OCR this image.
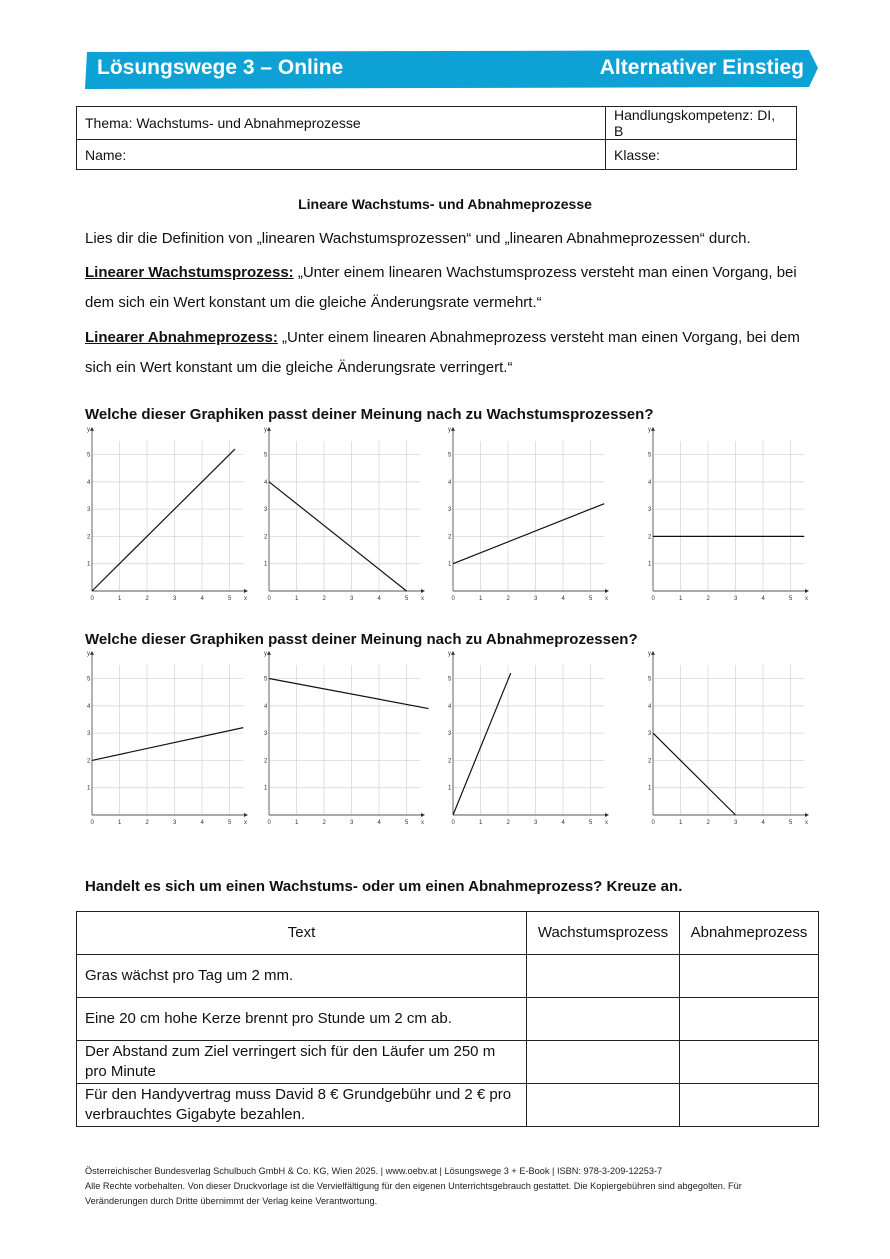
Lösungswege 3 – Online	Alternativer Einstieg
Thema: Wachstums- und Abnahmeprozesse	Handlungskompetenz: DI, B
Name:	Klasse:
Lineare Wachstums- und Abnahmeprozesse
Lies dir die Definition von „linearen Wachstumsprozessen“ und „linearen Abnahmeprozessen“ durch.
Linearer Wachstumsprozess: „Unter einem linearen Wachstumsprozess versteht man einen Vorgang, bei dem sich ein Wert konstant um die gleiche Änderungsrate vermehrt.“
Linearer Abnahmeprozess: „Unter einem linearen Abnahmeprozess versteht man einen Vorgang, bei dem sich ein Wert konstant um die gleiche Änderungsrate verringert.“
Welche dieser Graphiken passt deiner Meinung nach zu Wachstumsprozessen?
0	1	2	3	4	5
1
2
3
4
5
x
y
0	1	2	3	4	5
1
2
3
4
5
x
y
0	1	2	3	4	5
1
2
3
4
5
x
y
0	1	2	3	4	5
1
2
3
4
5
x
y
Welche dieser Graphiken passt deiner Meinung nach zu Abnahmeprozessen?
0	1	2	3	4	5
1
2
3
4
5
x
y
0	1	2	3	4	5
1
2
3
4
5
x
y
0	1	2	3	4	5
1
2
3
4
5
x
y
0	1	2	3	4	5
1
2
3
4
5
x
y
Handelt es sich um einen Wachstums- oder um einen Abnahmeprozess? Kreuze an.
Text	Wachstumsprozess	Abnahmeprozess
Gras wächst pro Tag um 2 mm.		
Eine 20 cm hohe Kerze brennt pro Stunde um 2 cm ab.		
Der Abstand zum Ziel verringert sich für den Läufer um 250 m pro Minute		
Für den Handyvertrag muss David 8 € Grundgebühr und 2 € pro verbrauchtes Gigabyte bezahlen.		
Österreichischer Bundesverlag Schulbuch GmbH & Co. KG, Wien 2025. | www.oebv.at | Lösungswege 3 + E-Book | ISBN: 978-3-209-12253-7
Alle Rechte vorbehalten. Von dieser Druckvorlage ist die Vervielfältigung für den eigenen Unterrichtsgebrauch gestattet. Die Kopiergebühren sind abgegolten. Für Veränderungen durch Dritte übernimmt der Verlag keine Verantwortung.
